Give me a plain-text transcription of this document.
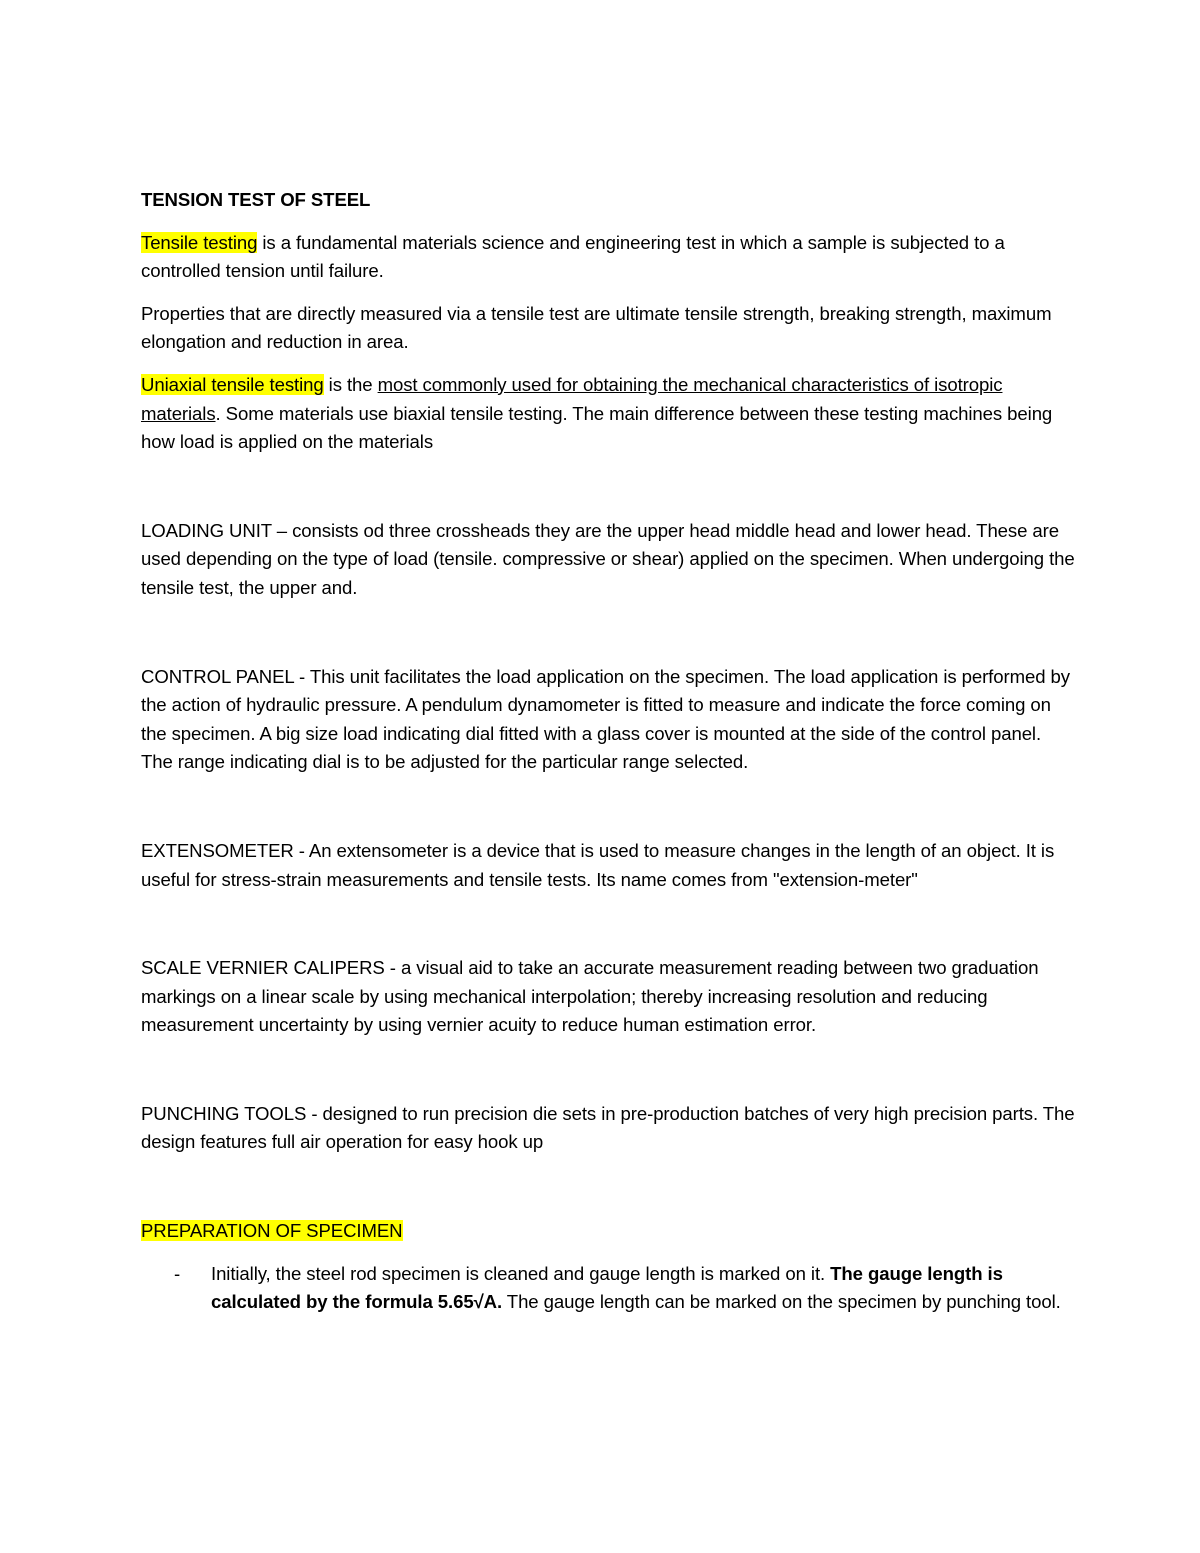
TENSION TEST OF STEEL

Tensile testing is a fundamental materials science and engineering test in which a sample is subjected to a controlled tension until failure.

Properties that are directly measured via a tensile test are ultimate tensile strength, breaking strength, maximum elongation and reduction in area.

Uniaxial tensile testing is the most commonly used for obtaining the mechanical characteristics of isotropic materials. Some materials use biaxial tensile testing. The main difference between these testing machines being how load is applied on the materials

LOADING UNIT – consists od three crossheads they are the upper head middle head and lower head. These are used depending on the type of load (tensile. compressive or shear) applied on the specimen. When undergoing the tensile test, the upper and.

CONTROL PANEL - This unit facilitates the load application on the specimen. The load application is performed by the action of hydraulic pressure. A pendulum dynamometer is fitted to measure and indicate the force coming on the specimen. A big size load indicating dial fitted with a glass cover is mounted at the side of the control panel. The range indicating dial is to be adjusted for the particular range selected.

EXTENSOMETER - An extensometer is a device that is used to measure changes in the length of an object. It is useful for stress-strain measurements and tensile tests. Its name comes from "extension-meter"

SCALE VERNIER CALIPERS - a visual aid to take an accurate measurement reading between two graduation markings on a linear scale by using mechanical interpolation; thereby increasing resolution and reducing measurement uncertainty by using vernier acuity to reduce human estimation error.

PUNCHING TOOLS - designed to run precision die sets in pre-production batches of very high precision parts. The design features full air operation for easy hook up

PREPARATION OF SPECIMEN

- Initially, the steel rod specimen is cleaned and gauge length is marked on it. The gauge length is calculated by the formula 5.65√A. The gauge length can be marked on the specimen by punching tool.
